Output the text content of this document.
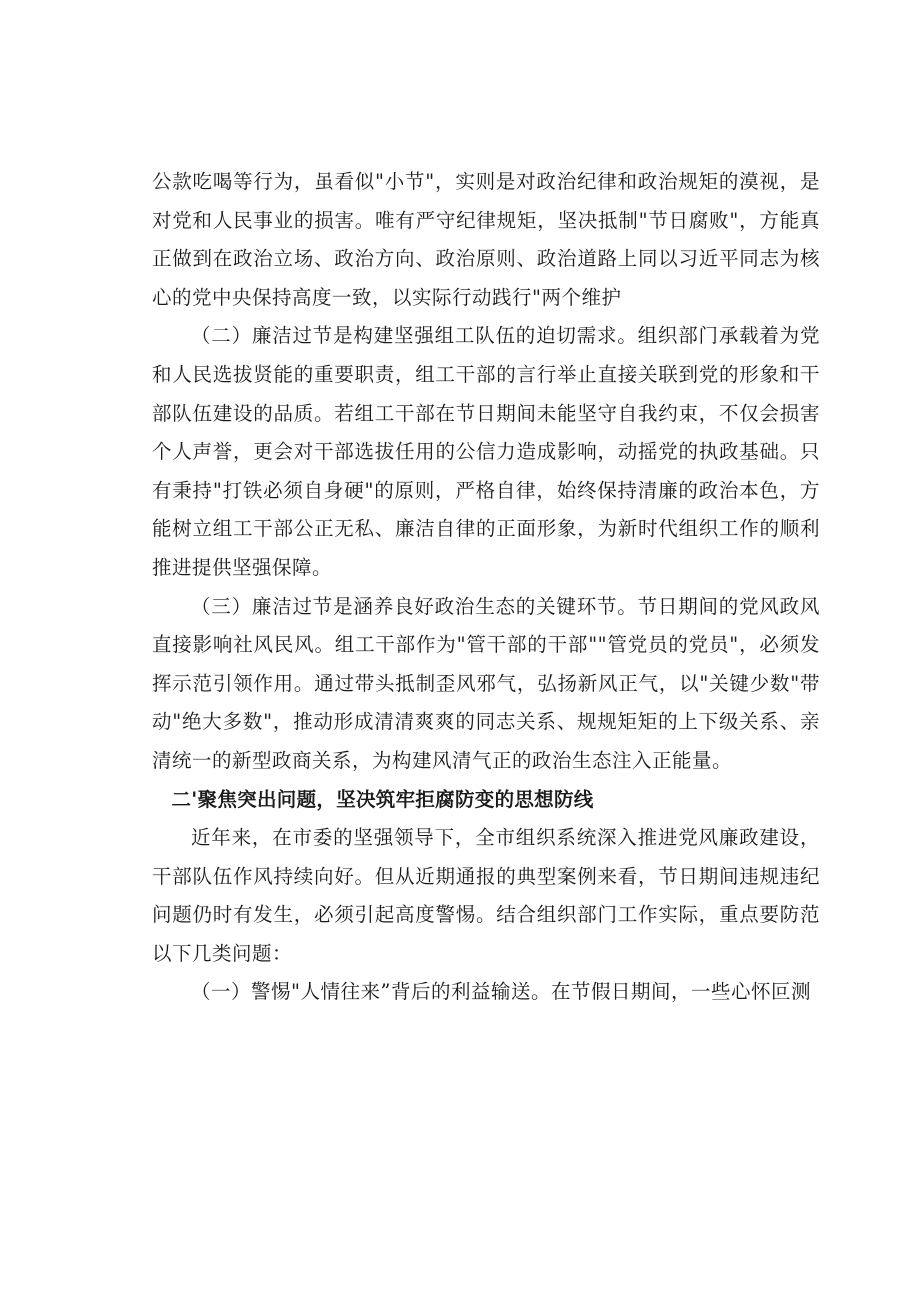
公款吃喝等行为，虽看似"小节"，实则是对政治纪律和政治规矩的漠视，是对党和人民事业的损害。唯有严守纪律规矩，坚决抵制"节日腐败"，方能真正做到在政治立场、政治方向、政治原则、政治道路上同以习近平同志为核心的党中央保持高度一致，以实际行动践行"两个维护

（二）廉洁过节是构建坚强组工队伍的迫切需求。组织部门承载着为党和人民选拔贤能的重要职责，组工干部的言行举止直接关联到党的形象和干部队伍建设的品质。若组工干部在节日期间未能坚守自我约束，不仅会损害个人声誉，更会对干部选拔任用的公信力造成影响，动摇党的执政基础。只有秉持"打铁必须自身硬"的原则，严格自律，始终保持清廉的政治本色，方能树立组工干部公正无私、廉洁自律的正面形象，为新时代组织工作的顺利推进提供坚强保障。

（三）廉洁过节是涵养良好政治生态的关键环节。节日期间的党风政风直接影响社风民风。组工干部作为"管干部的干部""管党员的党员"，必须发挥示范引领作用。通过带头抵制歪风邪气，弘扬新风正气，以"关键少数"带动"绝大多数"，推动形成清清爽爽的同志关系、规规矩矩的上下级关系、亲清统一的新型政商关系，为构建风清气正的政治生态注入正能量。

二'聚焦突出问题，坚决筑牢拒腐防变的思想防线

近年来，在市委的坚强领导下，全市组织系统深入推进党风廉政建设，干部队伍作风持续向好。但从近期通报的典型案例来看，节日期间违规违纪问题仍时有发生，必须引起高度警惕。结合组织部门工作实际，重点要防范以下几类问题：

（一）警惕"人情往来”背后的利益输送。在节假日期间，一些心怀叵测
